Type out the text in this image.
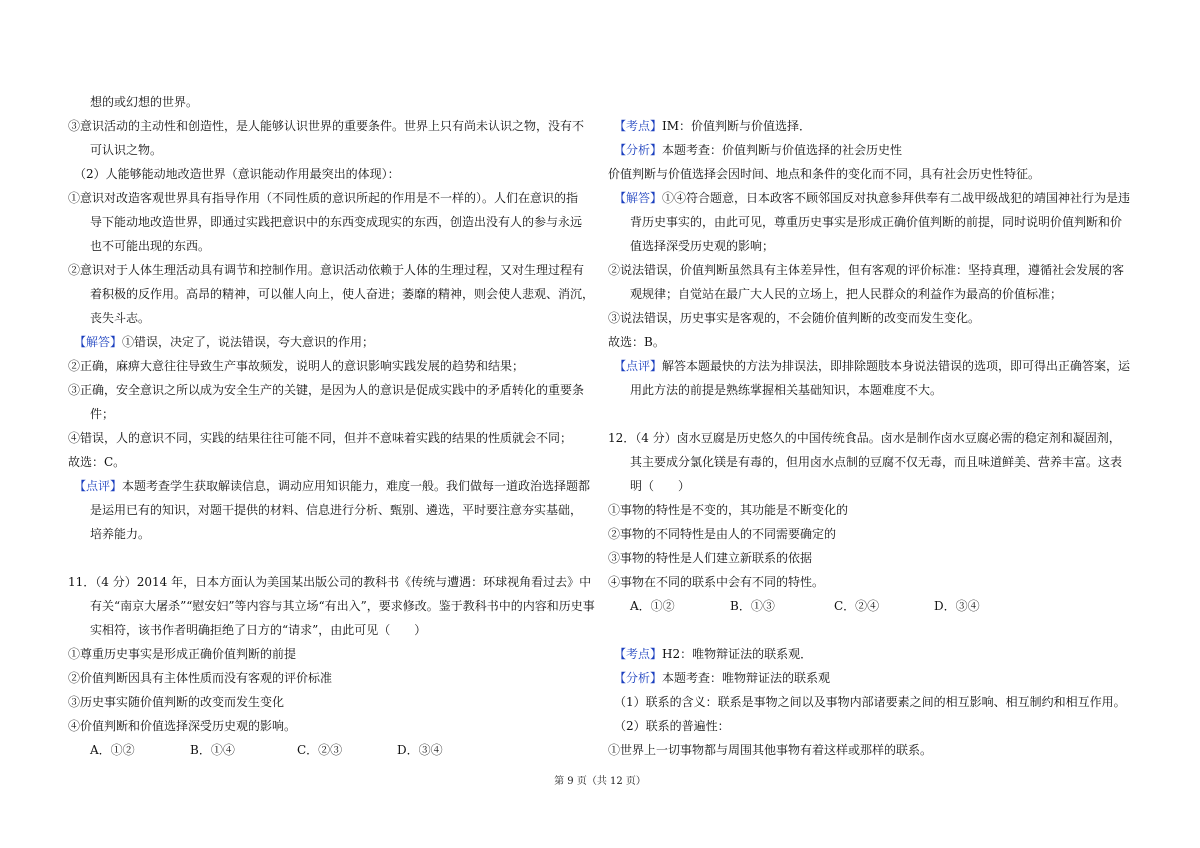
想的或幻想的世界。
③意识活动的主动性和创造性，是人能够认识世界的重要条件。世界上只有尚未认识之物，没有不
可认识之物。
（2）人能够能动地改造世界（意识能动作用最突出的体现）：
①意识对改造客观世界具有指导作用（不同性质的意识所起的作用是不一样的）。人们在意识的指
导下能动地改造世界，即通过实践把意识中的东西变成现实的东西，创造出没有人的参与永远
也不可能出现的东西。
②意识对于人体生理活动具有调节和控制作用。意识活动依赖于人体的生理过程，又对生理过程有
着积极的反作用。高昂的精神，可以催人向上，使人奋进；萎靡的精神，则会使人悲观、消沉，
丧失斗志。
【解答】①错误，决定了，说法错误，夸大意识的作用；
②正确，麻痹大意往往导致生产事故频发，说明人的意识影响实践发展的趋势和结果；
③正确，安全意识之所以成为安全生产的关键，是因为人的意识是促成实践中的矛盾转化的重要条
件；
④错误，人的意识不同，实践的结果往往可能不同，但并不意味着实践的结果的性质就会不同；
故选：C。
【点评】本题考查学生获取解读信息，调动应用知识能力，难度一般。我们做每一道政治选择题都
是运用已有的知识，对题干提供的材料、信息进行分析、甄别、遴选，平时要注意夯实基础，
培养能力。
11．（4 分）2014 年，日本方面认为美国某出版公司的教科书《传统与遭遇：环球视角看过去》中
有关“南京大屠杀”“慰安妇”等内容与其立场“有出入”，要求修改。鉴于教科书中的内容和历史事
实相符，该书作者明确拒绝了日方的“请求”，由此可见（　　）
①尊重历史事实是形成正确价值判断的前提
②价值判断因具有主体性质而没有客观的评价标准
③历史事实随价值判断的改变而发生变化
④价值判断和价值选择深受历史观的影响。
A．①②	B．①④	C．②③	D．③④
【考点】IM：价值判断与价值选择．
【分析】本题考查：价值判断与价值选择的社会历史性
价值判断与价值选择会因时间、地点和条件的变化而不同，具有社会历史性特征。
【解答】①④符合题意，日本政客不顾邻国反对执意参拜供奉有二战甲级战犯的靖国神社行为是违
背历史事实的，由此可见，尊重历史事实是形成正确价值判断的前提，同时说明价值判断和价
值选择深受历史观的影响；
②说法错误，价值判断虽然具有主体差异性，但有客观的评价标准：坚持真理，遵循社会发展的客
观规律；自觉站在最广大人民的立场上，把人民群众的利益作为最高的价值标准；
③说法错误，历史事实是客观的，不会随价值判断的改变而发生变化。
故选：B。
【点评】解答本题最快的方法为排误法，即排除题肢本身说法错误的选项，即可得出正确答案，运
用此方法的前提是熟练掌握相关基础知识，本题难度不大。
12．（4 分）卤水豆腐是历史悠久的中国传统食品。卤水是制作卤水豆腐必需的稳定剂和凝固剂，
其主要成分氯化镁是有毒的，但用卤水点制的豆腐不仅无毒，而且味道鲜美、营养丰富。这表
明（　　）
①事物的特性是不变的，其功能是不断变化的
②事物的不同特性是由人的不同需要确定的
③事物的特性是人们建立新联系的依据
④事物在不同的联系中会有不同的特性。
A．①②	B．①③	C．②④	D．③④
【考点】H2：唯物辩证法的联系观．
【分析】本题考查：唯物辩证法的联系观
（1）联系的含义：联系是事物之间以及事物内部诸要素之间的相互影响、相互制约和相互作用。
（2）联系的普遍性：
①世界上一切事物都与周围其他事物有着这样或那样的联系。
第 9 页（共 12 页）
